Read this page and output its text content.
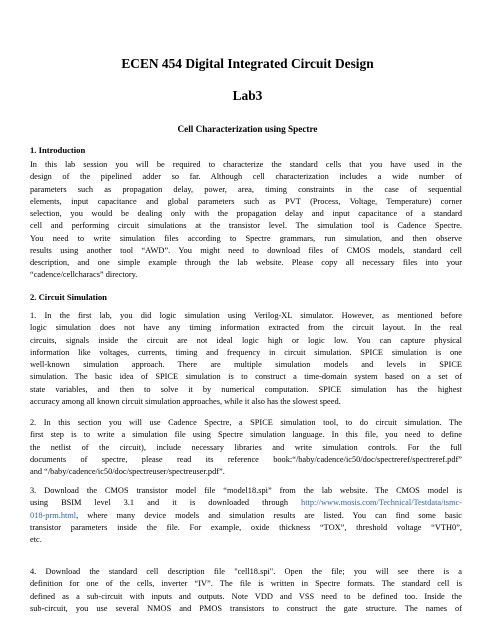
ECEN 454 Digital Integrated Circuit Design
Lab3
Cell Characterization using Spectre
1. Introduction
In this lab session you will be required to characterize the standard cells that you have used in the
design of the pipelined adder so far. Although cell characterization includes a wide number of
parameters such as propagation delay, power, area, timing constraints in the case of sequential
elements, input capacitance and global parameters such as PVT (Process, Voltage, Temperature) corner
selection, you would be dealing only with the propagation delay and input capacitance of a standard
cell and performing circuit simulations at the transistor level. The simulation tool is Cadence Spectre.
You need to write simulation files according to Spectre grammars, run simulation, and then observe
results using another tool “AWD”. You might need to download files of CMOS models, standard cell
description, and one simple example through the lab website. Please copy all necessary files into your
“cadence/cellcharacs” directory.
2. Circuit Simulation
1. In the first lab, you did logic simulation using Verilog-XL simulator. However, as mentioned before
logic simulation does not have any timing information extracted from the circuit layout. In the real
circuits, signals inside the circuit are not ideal logic high or logic low. You can capture physical
information like voltages, currents, timing and frequency in circuit simulation. SPICE simulation is one
well-known simulation approach. There are multiple simulation models and levels in SPICE
simulation. The basic idea of SPICE simulation is to construct a time-domain system based on a set of
state variables, and then to solve it by numerical computation. SPICE simulation has the highest
accuracy among all known circuit simulation approaches, while it also has the slowest speed.
2. In this section you will use Cadence Spectre, a SPICE simulation tool, to do circuit simulation. The
first step is to write a simulation file using Spectre simulation language. In this file, you need to define
the netlist of the circuit), include necessary libraries and write simulation controls. For the full
documents of spectre, please read its reference book:“/baby/cadence/ic50/doc/spectreref/spectreref.pdf”
and “/baby/cadence/ic50/doc/spectreuser/spectreuser.pdf”.
3. Download the CMOS transistor model file “model18.spi” from the lab website. The CMOS model is
using BSIM level 3.1 and it is downloaded through http://www.mosis.com/Technical/Testdata/tsmc-
018-prm.html, where many device models and simulation results are listed. You can find some basic
transistor parameters inside the file. For example, oxide thickness “TOX”, threshold voltage “VTH0”,
etc.
4. Download the standard cell description file "cell18.spi". Open the file; you will see there is a
definition for one of the cells, inverter “IV”. The file is written in Spectre formats. The standard cell is
defined as a sub-circuit with inputs and outputs. Note VDD and VSS need to be defined too. Inside the
sub-circuit, you use several NMOS and PMOS transistors to construct the gate structure. The names of
